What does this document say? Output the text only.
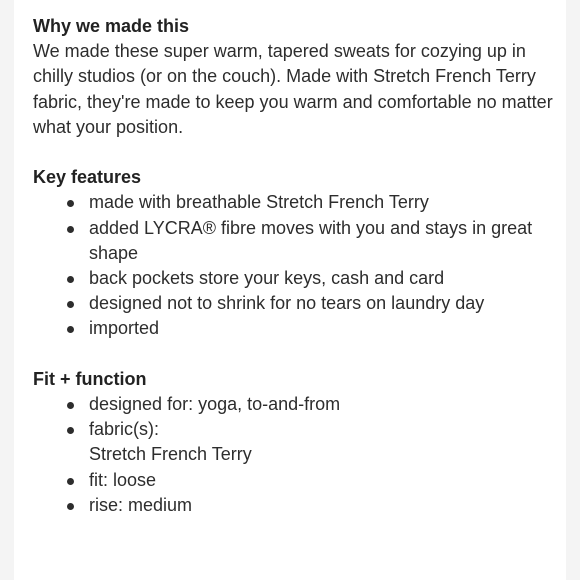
Why we made this

We made these super warm, tapered sweats for cozying up in chilly studios (or on the couch). Made with Stretch French Terry fabric, they're made to keep you warm and comfortable no matter what your position.

Key features
made with breathable Stretch French Terry
added LYCRA® fibre moves with you and stays in great shape
back pockets store your keys, cash and card
designed not to shrink for no tears on laundry day
imported
Fit + function
designed for: yoga, to-and-from
fabric(s):
Stretch French Terry
fit: loose
rise: medium
